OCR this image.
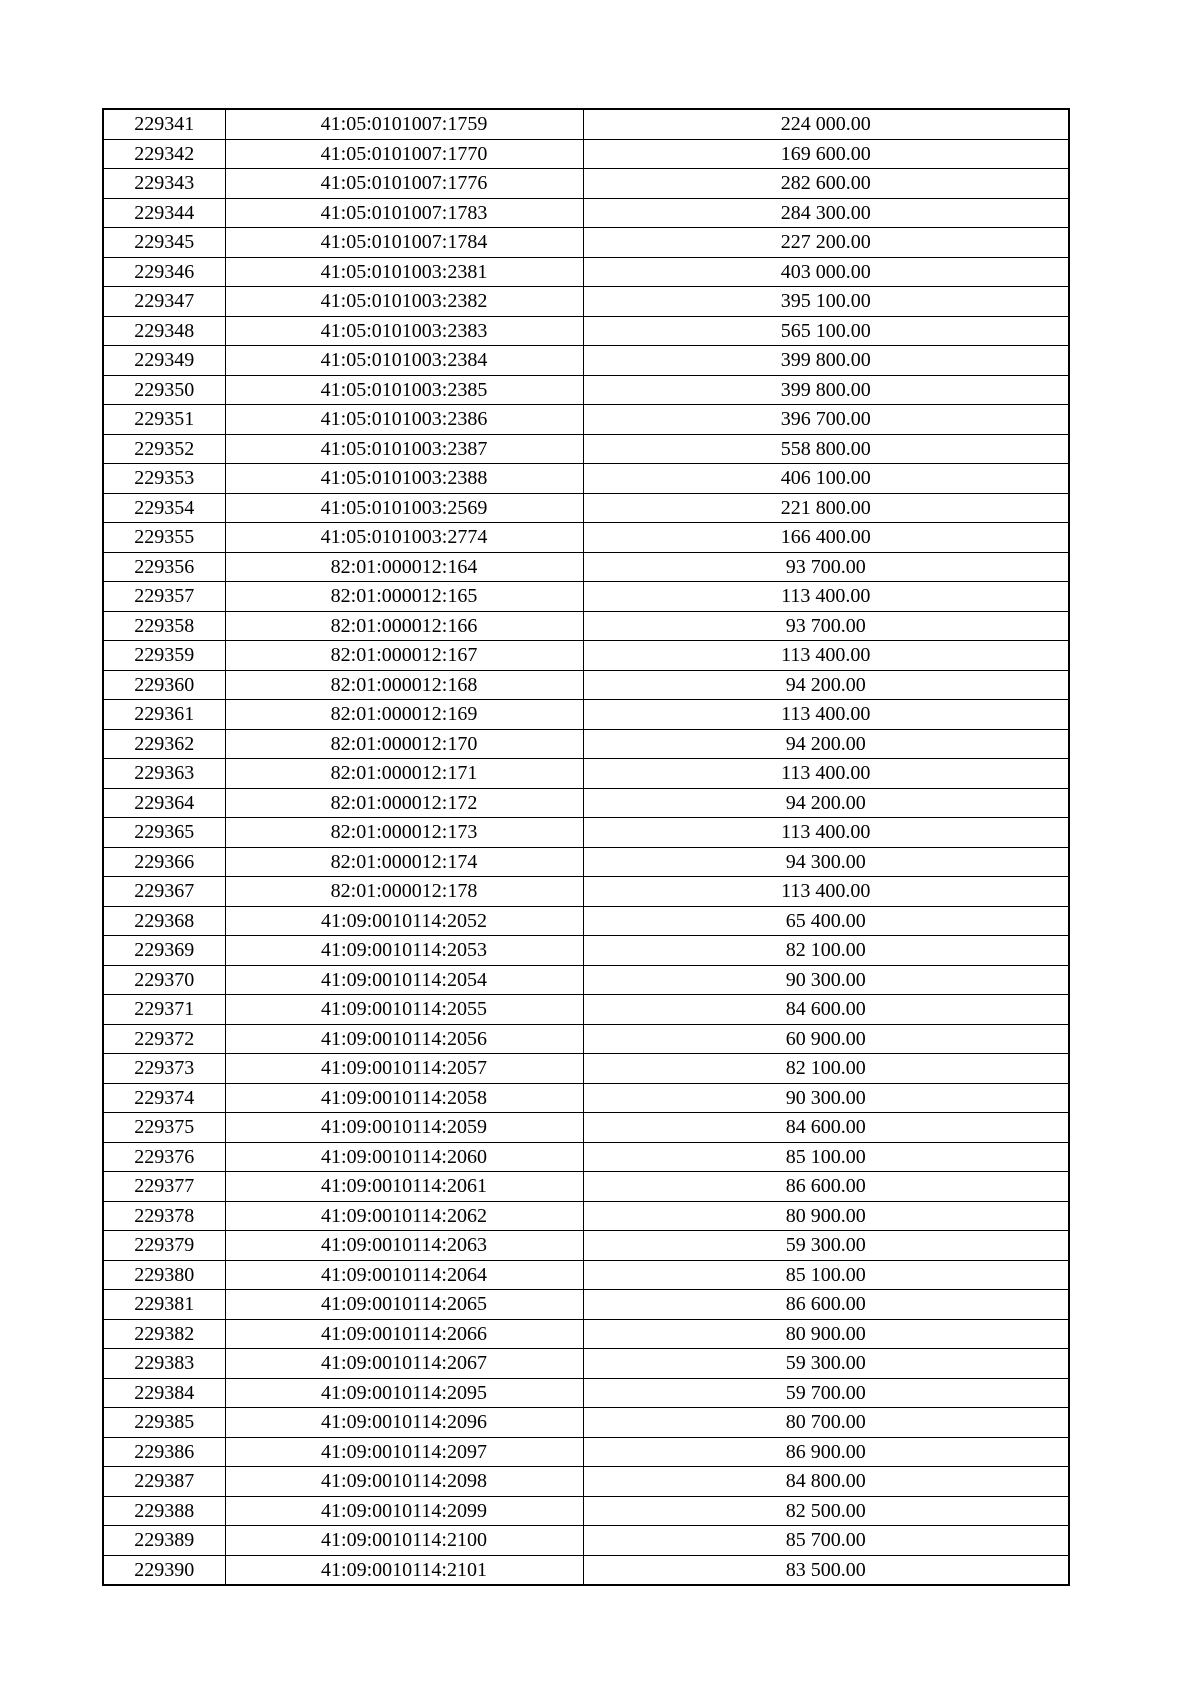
229341	41:05:0101007:1759	224 000.00
229342	41:05:0101007:1770	169 600.00
229343	41:05:0101007:1776	282 600.00
229344	41:05:0101007:1783	284 300.00
229345	41:05:0101007:1784	227 200.00
229346	41:05:0101003:2381	403 000.00
229347	41:05:0101003:2382	395 100.00
229348	41:05:0101003:2383	565 100.00
229349	41:05:0101003:2384	399 800.00
229350	41:05:0101003:2385	399 800.00
229351	41:05:0101003:2386	396 700.00
229352	41:05:0101003:2387	558 800.00
229353	41:05:0101003:2388	406 100.00
229354	41:05:0101003:2569	221 800.00
229355	41:05:0101003:2774	166 400.00
229356	82:01:000012:164	93 700.00
229357	82:01:000012:165	113 400.00
229358	82:01:000012:166	93 700.00
229359	82:01:000012:167	113 400.00
229360	82:01:000012:168	94 200.00
229361	82:01:000012:169	113 400.00
229362	82:01:000012:170	94 200.00
229363	82:01:000012:171	113 400.00
229364	82:01:000012:172	94 200.00
229365	82:01:000012:173	113 400.00
229366	82:01:000012:174	94 300.00
229367	82:01:000012:178	113 400.00
229368	41:09:0010114:2052	65 400.00
229369	41:09:0010114:2053	82 100.00
229370	41:09:0010114:2054	90 300.00
229371	41:09:0010114:2055	84 600.00
229372	41:09:0010114:2056	60 900.00
229373	41:09:0010114:2057	82 100.00
229374	41:09:0010114:2058	90 300.00
229375	41:09:0010114:2059	84 600.00
229376	41:09:0010114:2060	85 100.00
229377	41:09:0010114:2061	86 600.00
229378	41:09:0010114:2062	80 900.00
229379	41:09:0010114:2063	59 300.00
229380	41:09:0010114:2064	85 100.00
229381	41:09:0010114:2065	86 600.00
229382	41:09:0010114:2066	80 900.00
229383	41:09:0010114:2067	59 300.00
229384	41:09:0010114:2095	59 700.00
229385	41:09:0010114:2096	80 700.00
229386	41:09:0010114:2097	86 900.00
229387	41:09:0010114:2098	84 800.00
229388	41:09:0010114:2099	82 500.00
229389	41:09:0010114:2100	85 700.00
229390	41:09:0010114:2101	83 500.00
